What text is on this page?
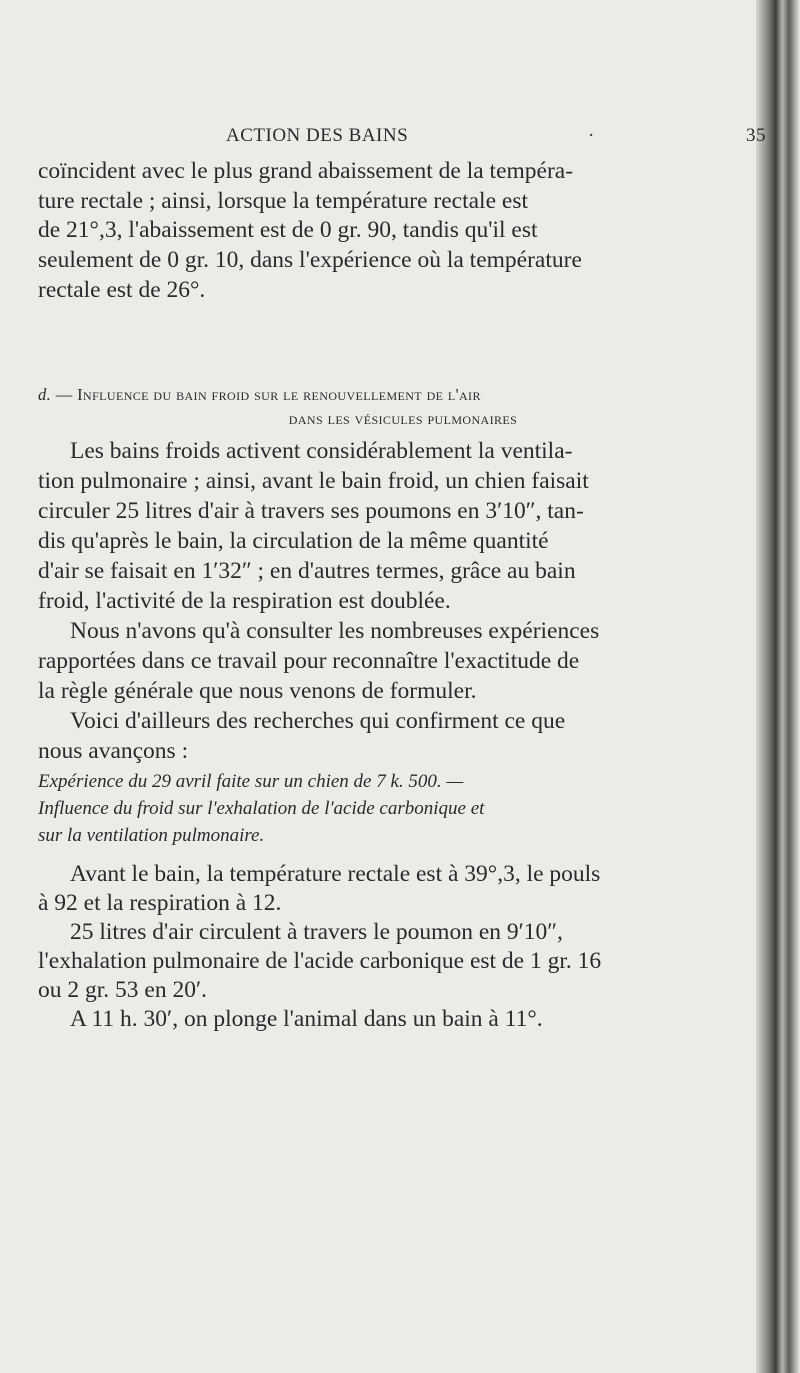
ACTION DES BAINS	·	35
coïncident avec le plus grand abaissement de la tempéra-
ture rectale ; ainsi, lorsque la température rectale est
de 21°,3, l'abaissement est de 0 gr. 90, tandis qu'il est
seulement de 0 gr. 10, dans l'expérience où la température
rectale est de 26°.
d. — Influence du bain froid sur le renouvellement de l'air
dans les vésicules pulmonaires

Les bains froids activent considérablement la ventila-
tion pulmonaire ; ainsi, avant le bain froid, un chien faisait
circuler 25 litres d'air à travers ses poumons en 3′10″, tan-
dis qu'après le bain, la circulation de la même quantité
d'air se faisait en 1′32″ ; en d'autres termes, grâce au bain
froid, l'activité de la respiration est doublée.

Nous n'avons qu'à consulter les nombreuses expériences
rapportées dans ce travail pour reconnaître l'exactitude de
la règle générale que nous venons de formuler.

Voici d'ailleurs des recherches qui confirment ce que
nous avançons :

Expérience du 29 avril faite sur un chien de 7 k. 500. —
Influence du froid sur l'exhalation de l'acide carbonique et
sur la ventilation pulmonaire.

Avant le bain, la température rectale est à 39°,3, le pouls
à 92 et la respiration à 12.

25 litres d'air circulent à travers le poumon en 9′10″,
l'exhalation pulmonaire de l'acide carbonique est de 1 gr. 16
ou 2 gr. 53 en 20′.

A 11 h. 30′, on plonge l'animal dans un bain à 11°.
